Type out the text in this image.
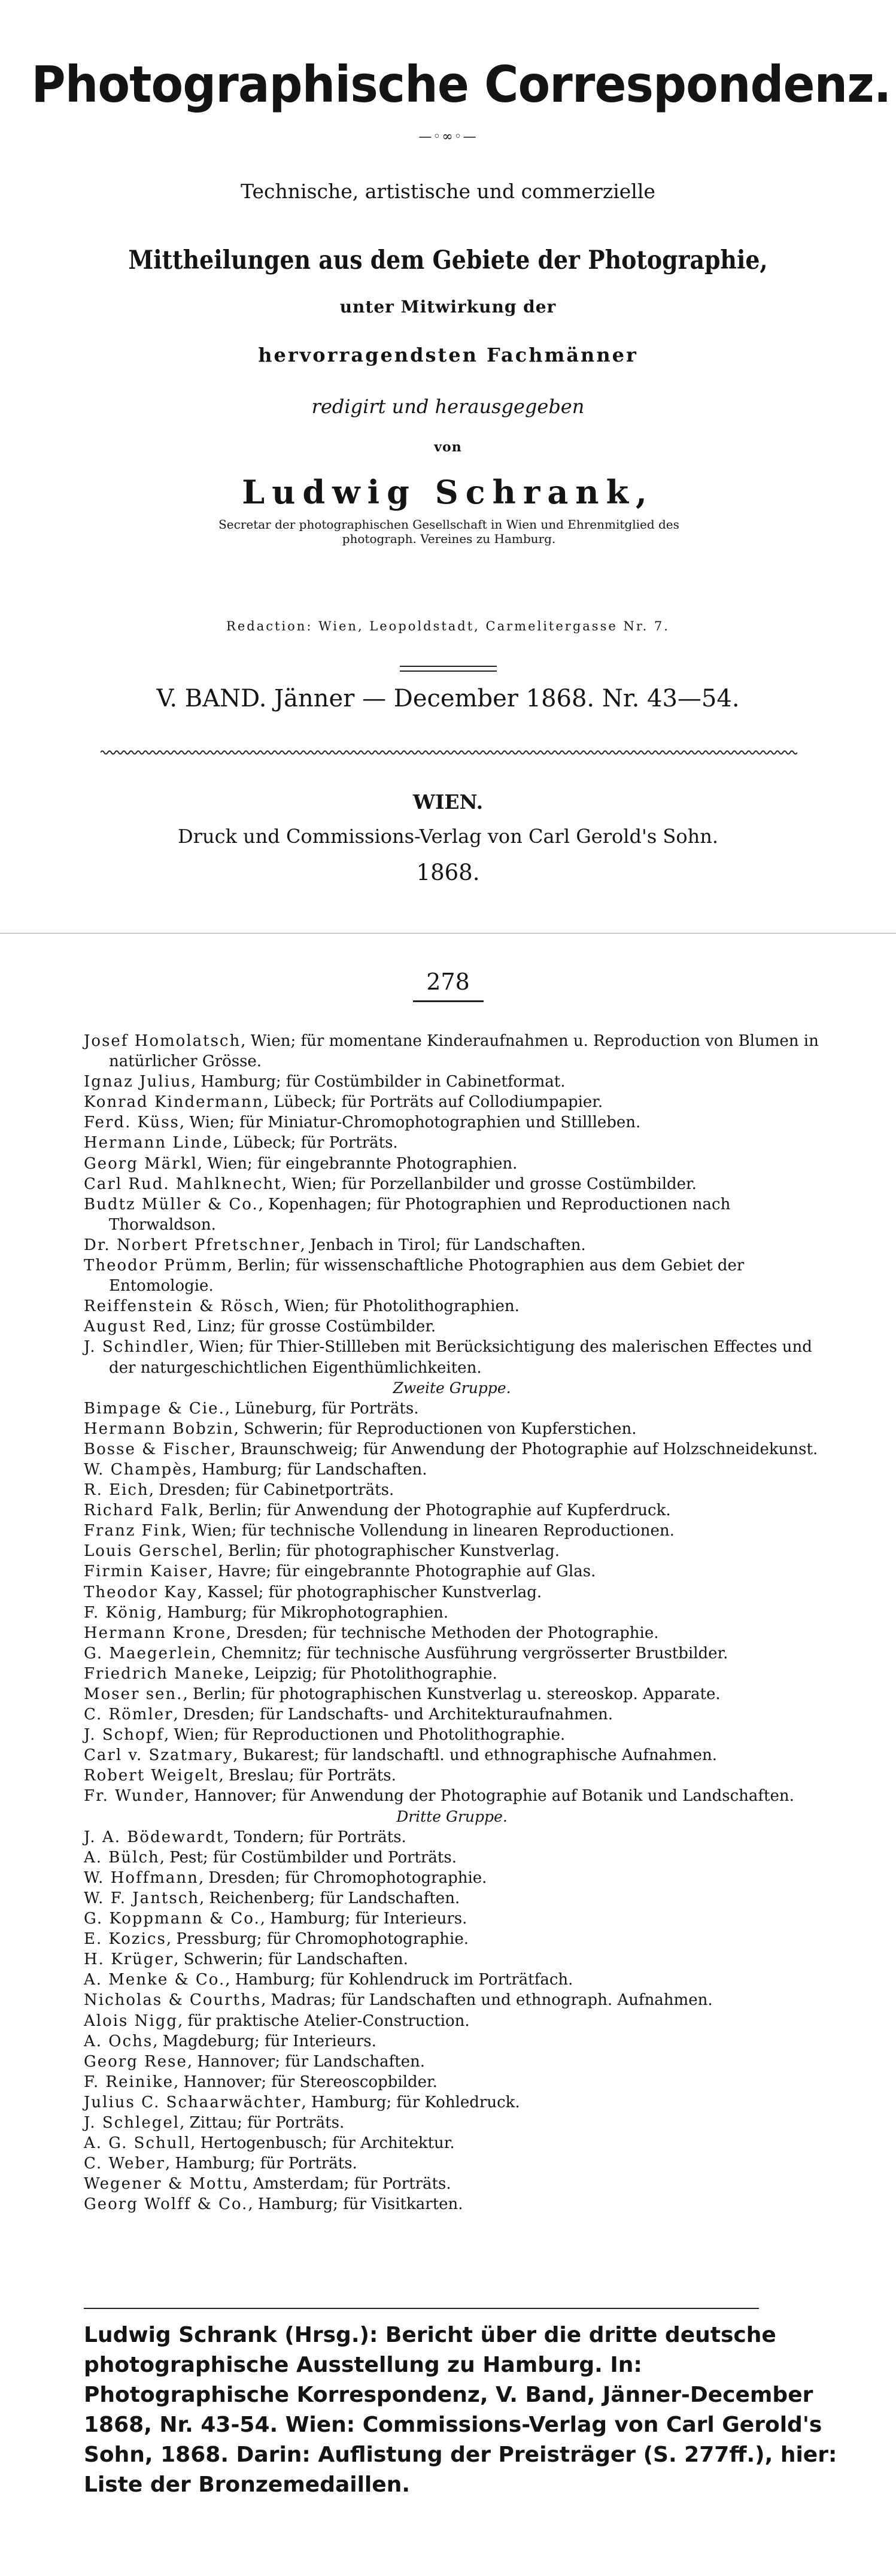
Photographische Correspondenz.
—◦∞◦—
Technische, artistische und commerzielle
Mittheilungen aus dem Gebiete der Photographie,
unter Mitwirkung der
hervorragendsten Fachmänner
redigirt und herausgegeben
von
Ludwig Schrank,
Secretar der photographischen Gesellschaft in Wien und Ehrenmitglied des photograph. Vereines zu Hamburg.
Redaction: Wien, Leopoldstadt, Carmelitergasse Nr. 7.
V. BAND. Jänner — December 1868. Nr. 43—54.
WIEN.
Druck und Commissions-Verlag von Carl Gerold's Sohn.
1868.
278
Josef Homolatsch, Wien; für momentane Kinderaufnahmen u. Reproduction von Blumen in natürlicher Grösse.
Ignaz Julius, Hamburg; für Costümbilder in Cabinetformat.
Konrad Kindermann, Lübeck; für Porträts auf Collodiumpapier.
Ferd. Küss, Wien; für Miniatur-Chromophotographien und Stillleben.
Hermann Linde, Lübeck; für Porträts.
Georg Märkl, Wien; für eingebrannte Photographien.
Carl Rud. Mahlknecht, Wien; für Porzellanbilder und grosse Costümbilder.
Budtz Müller & Co., Kopenhagen; für Photographien und Reproductionen nach Thorwaldson.
Dr. Norbert Pfretschner, Jenbach in Tirol; für Landschaften.
Theodor Prümm, Berlin; für wissenschaftliche Photographien aus dem Gebiet der Entomologie.
Reiffenstein & Rösch, Wien; für Photolithographien.
August Red, Linz; für grosse Costümbilder.
J. Schindler, Wien; für Thier-Stillleben mit Berücksichtigung des malerischen Effectes und der naturgeschichtlichen Eigenthümlichkeiten.
Zweite Gruppe.
Bimpage & Cie., Lüneburg, für Porträts.
Hermann Bobzin, Schwerin; für Reproductionen von Kupferstichen.
Bosse & Fischer, Braunschweig; für Anwendung der Photographie auf Holzschneidekunst.
W. Champès, Hamburg; für Landschaften.
R. Eich, Dresden; für Cabinetporträts.
Richard Falk, Berlin; für Anwendung der Photographie auf Kupferdruck.
Franz Fink, Wien; für technische Vollendung in linearen Reproductionen.
Louis Gerschel, Berlin; für photographischer Kunstverlag.
Firmin Kaiser, Havre; für eingebrannte Photographie auf Glas.
Theodor Kay, Kassel; für photographischer Kunstverlag.
F. König, Hamburg; für Mikrophotographien.
Hermann Krone, Dresden; für technische Methoden der Photographie.
G. Maegerlein, Chemnitz; für technische Ausführung vergrösserter Brustbilder.
Friedrich Maneke, Leipzig; für Photolithographie.
Moser sen., Berlin; für photographischen Kunstverlag u. stereoskop. Apparate.
C. Römler, Dresden; für Landschafts- und Architekturaufnahmen.
J. Schopf, Wien; für Reproductionen und Photolithographie.
Carl v. Szatmary, Bukarest; für landschaftl. und ethnographische Aufnahmen.
Robert Weigelt, Breslau; für Porträts.
Fr. Wunder, Hannover; für Anwendung der Photographie auf Botanik und Landschaften.
Dritte Gruppe.
J. A. Bödewardt, Tondern; für Porträts.
A. Bülch, Pest; für Costümbilder und Porträts.
W. Hoffmann, Dresden; für Chromophotographie.
W. F. Jantsch, Reichenberg; für Landschaften.
G. Koppmann & Co., Hamburg; für Interieurs.
E. Kozics, Pressburg; für Chromophotographie.
H. Krüger, Schwerin; für Landschaften.
A. Menke & Co., Hamburg; für Kohlendruck im Porträtfach.
Nicholas & Courths, Madras; für Landschaften und ethnograph. Aufnahmen.
Alois Nigg, für praktische Atelier-Construction.
A. Ochs, Magdeburg; für Interieurs.
Georg Rese, Hannover; für Landschaften.
F. Reinike, Hannover; für Stereoscopbilder.
Julius C. Schaarwächter, Hamburg; für Kohledruck.
J. Schlegel, Zittau; für Porträts.
A. G. Schull, Hertogenbusch; für Architektur.
C. Weber, Hamburg; für Porträts.
Wegener & Mottu, Amsterdam; für Porträts.
Georg Wolff & Co., Hamburg; für Visitkarten.
Ludwig Schrank (Hrsg.): Bericht über die dritte deutsche photographische Ausstellung zu Hamburg. In: Photographische Korrespondenz, V. Band, Jänner-December 1868, Nr. 43-54. Wien: Commissions-Verlag von Carl Gerold's Sohn, 1868. Darin: Auflistung der Preisträger (S. 277ff.), hier: Liste der Bronzemedaillen.
